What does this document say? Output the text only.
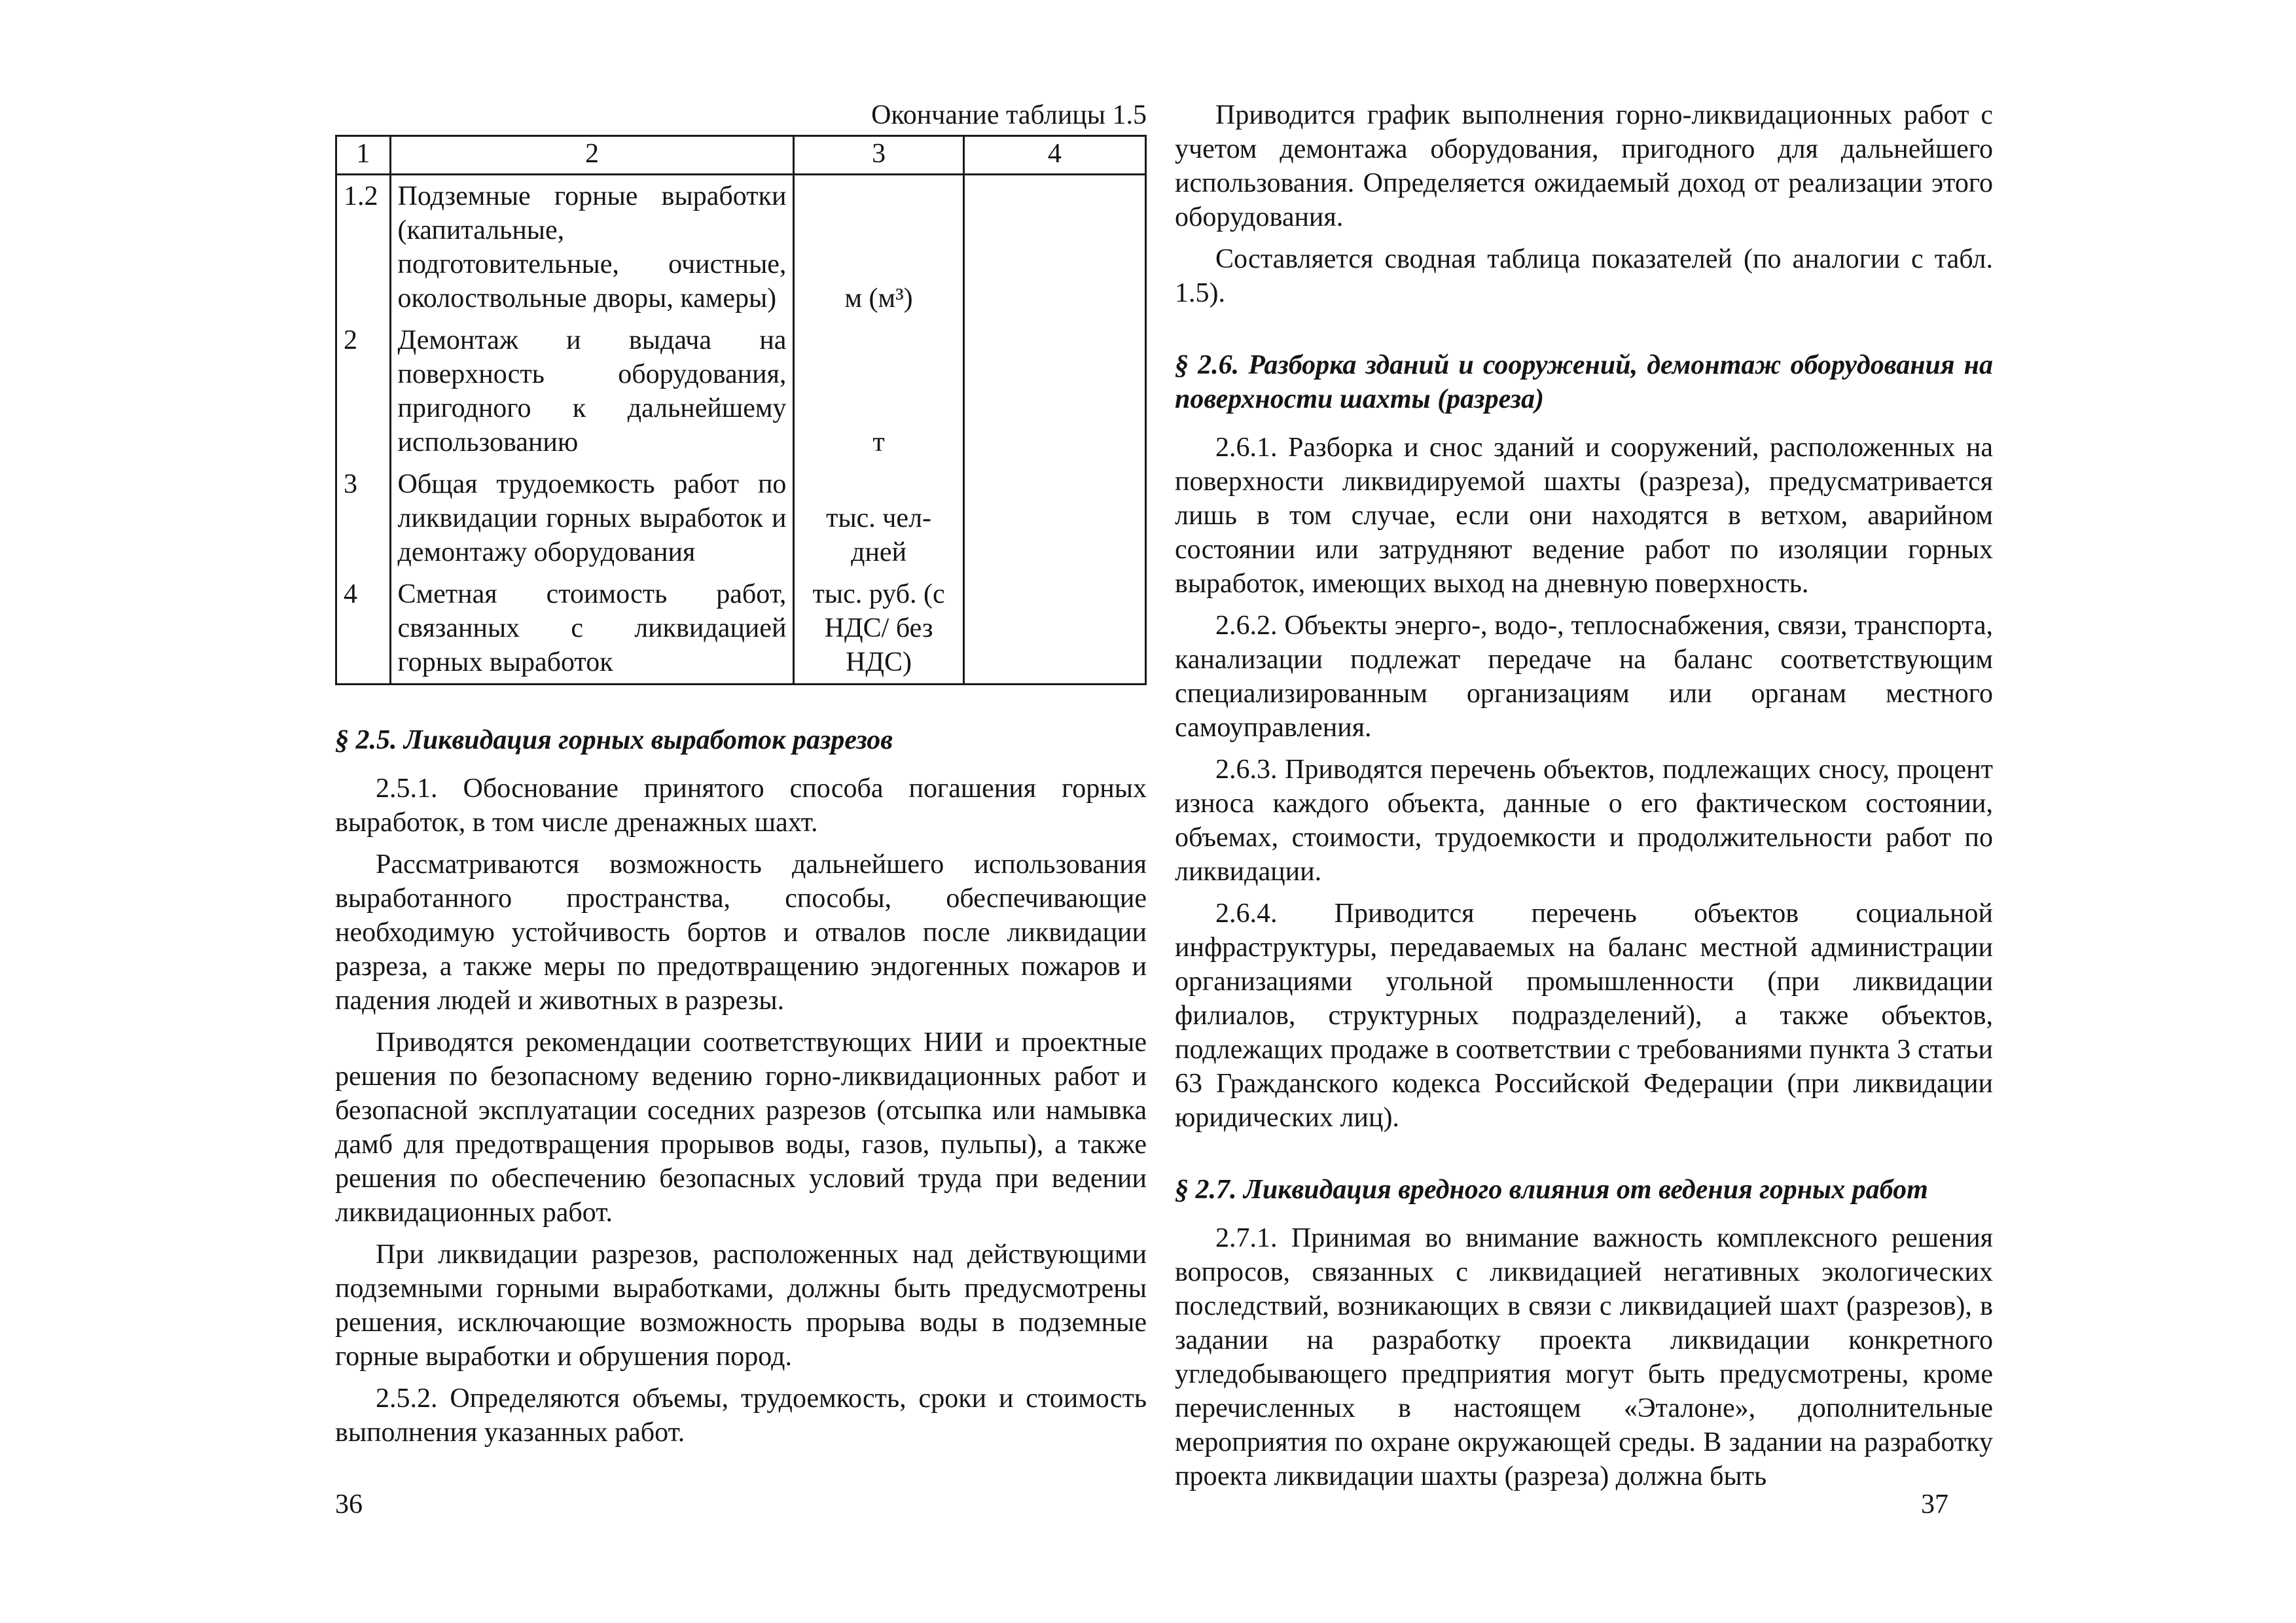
Окончание таблицы 1.5
1	2	3	4
1.2	Подземные горные выработки (капитальные, подготовительные, очистные, околоствольные дворы, камеры)	м (м³)	
2	Демонтаж и выдача на поверхность оборудования, пригодного к дальнейшему использованию	т	
3	Общая трудоемкость работ по ликвидации горных выработок и демонтажу оборудования	тыс. чел-дней	
4	Сметная стоимость работ, связанных с ликвидацией горных выработок	тыс. руб. (с НДС/ без НДС)	

§ 2.5. Ликвидация горных выработок разрезов

2.5.1. Обоснование принятого способа погашения горных выработок, в том числе дренажных шахт.

Рассматриваются возможность дальнейшего использования выработанного пространства, способы, обеспечивающие необходимую устойчивость бортов и отвалов после ликвидации разреза, а также меры по предотвращению эндогенных пожаров и падения людей и животных в разрезы.

Приводятся рекомендации соответствующих НИИ и проектные решения по безопасному ведению горно-ликвидационных работ и безопасной эксплуатации соседних разрезов (отсыпка или намывка дамб для предотвращения прорывов воды, газов, пульпы), а также решения по обеспечению безопасных условий труда при ведении ликвидационных работ.

При ликвидации разрезов, расположенных над действующими подземными горными выработками, должны быть предусмотрены решения, исключающие возможность прорыва воды в подземные горные выработки и обрушения пород.

2.5.2. Определяются объемы, трудоемкость, сроки и стоимость выполнения указанных работ.

Приводится график выполнения горно-ликвидационных работ с учетом демонтажа оборудования, пригодного для дальнейшего использования. Определяется ожидаемый доход от реализации этого оборудования.

Составляется сводная таблица показателей (по аналогии с табл. 1.5).

§ 2.6. Разборка зданий и сооружений, демонтаж оборудования на поверхности шахты (разреза)

2.6.1. Разборка и снос зданий и сооружений, расположенных на поверхности ликвидируемой шахты (разреза), предусматривается лишь в том случае, если они находятся в ветхом, аварийном состоянии или затрудняют ведение работ по изоляции горных выработок, имеющих выход на дневную поверхность.

2.6.2. Объекты энерго-, водо-, теплоснабжения, связи, транспорта, канализации подлежат передаче на баланс соответствующим специализированным организациям или органам местного самоуправления.

2.6.3. Приводятся перечень объектов, подлежащих сносу, процент износа каждого объекта, данные о его фактическом состоянии, объемах, стоимости, трудоемкости и продолжительности работ по ликвидации.

2.6.4. Приводится перечень объектов социальной инфраструктуры, передаваемых на баланс местной администрации организациями угольной промышленности (при ликвидации филиалов, структурных подразделений), а также объектов, подлежащих продаже в соответствии с требованиями пункта 3 статьи 63 Гражданского кодекса Российской Федерации (при ликвидации юридических лиц).

§ 2.7. Ликвидация вредного влияния от ведения горных работ

2.7.1. Принимая во внимание важность комплексного решения вопросов, связанных с ликвидацией негативных экологических последствий, возникающих в связи с ликвидацией шахт (разрезов), в задании на разработку проекта ликвидации конкретного угледобывающего предприятия могут быть предусмотрены, кроме перечисленных в настоящем «Эталоне», дополнительные мероприятия по охране окружающей среды. В задании на разработку проекта ликвидации шахты (разреза) должна быть

36	37
